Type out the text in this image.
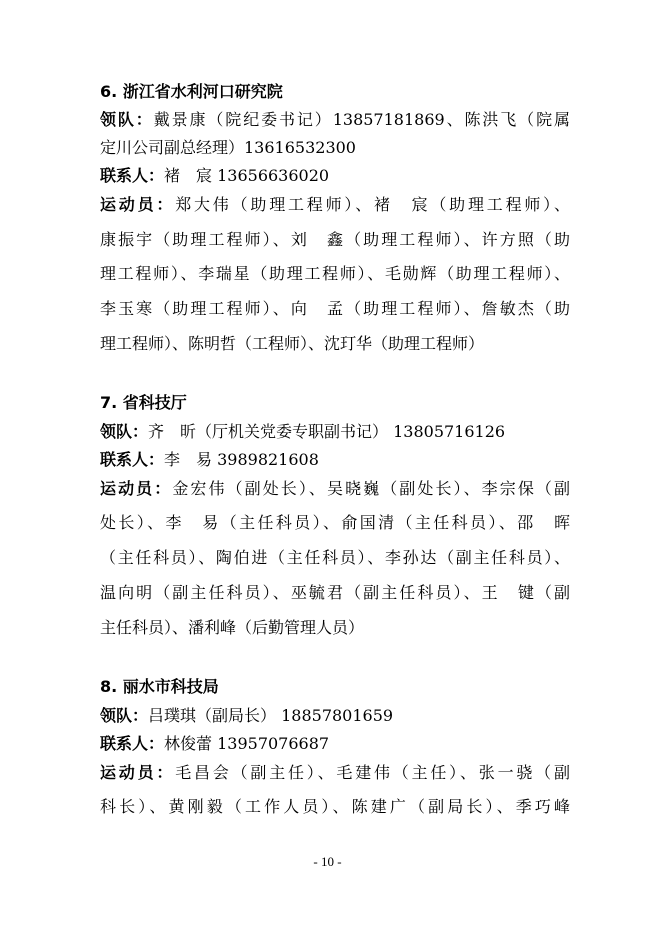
6. 浙江省水利河口研究院
领队：戴景康（院纪委书记）13857181869、陈洪飞（院属
定川公司副总经理）13616532300
联系人：褚　宸 13656636020
运动员：郑大伟（助理工程师）、褚　宸（助理工程师）、
康振宇（助理工程师）、刘　鑫（助理工程师）、许方照（助
理工程师）、李瑞星（助理工程师）、毛勋辉（助理工程师）、
李玉寒（助理工程师）、向　孟（助理工程师）、詹敏杰（助
理工程师）、陈明哲（工程师）、沈玎华（助理工程师）
7. 省科技厅
领队：齐　昕（厅机关党委专职副书记） 13805716126
联系人：李　易 3989821608
运动员：金宏伟（副处长）、吴晓巍（副处长）、李宗保（副
处长）、李　易（主任科员）、俞国清（主任科员）、邵　晖
（主任科员）、陶伯进（主任科员）、李孙达（副主任科员）、
温向明（副主任科员）、巫毓君（副主任科员）、王　键（副
主任科员）、潘利峰（后勤管理人员）
8. 丽水市科技局
领队：吕璞琪（副局长） 18857801659
联系人：林俊蕾 13957076687
运动员：毛昌会（副主任）、毛建伟（主任）、张一骁（副
科长）、黄刚毅（工作人员）、陈建广（副局长）、季巧峰
- 10 -
